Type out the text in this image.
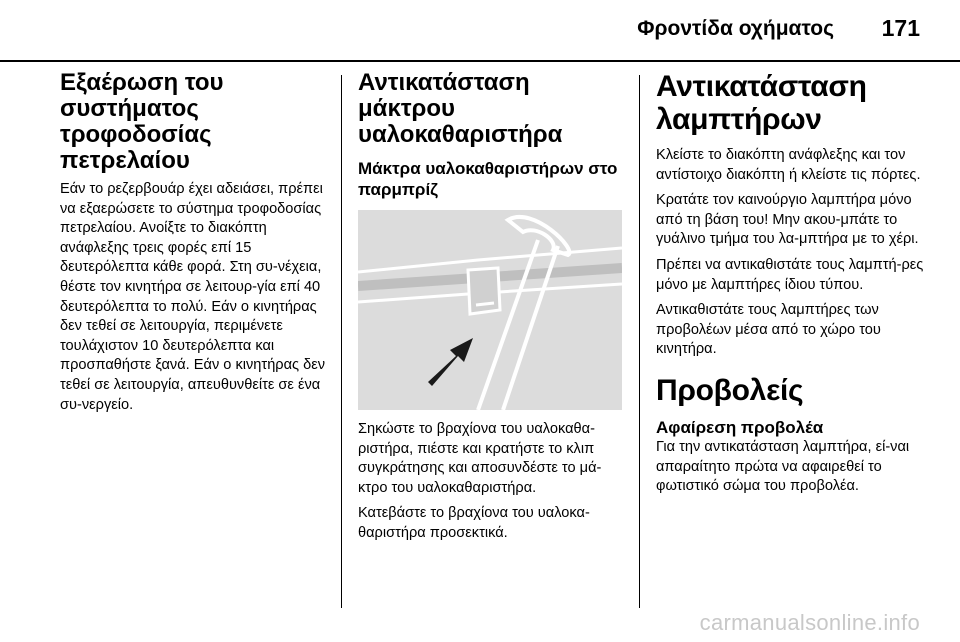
Φροντίδα οχήματος 171
Εξαέρωση του συστήματος τροφοδοσίας πετρελαίου

Εάν το ρεζερβουάρ έχει αδειάσει, πρέπει να εξαερώσετε το σύστημα τροφοδοσίας πετρελαίου. Ανοίξτε το διακόπτη ανάφλεξης τρεις φορές επί 15 δευτερόλεπτα κάθε φορά. Στη συ-νέχεια, θέστε τον κινητήρα σε λειτουρ-γία επί 40 δευτερόλεπτα το πολύ. Εάν ο κινητήρας δεν τεθεί σε λειτουργία, περιμένετε τουλάχιστον 10 δευτερόλεπτα και προσπαθήστε ξανά. Εάν ο κινητήρας δεν τεθεί σε λειτουργία, απευθυνθείτε σε ένα συ-νεργείο.

Αντικατάσταση μάκτρου υαλοκαθαριστήρα
Μάκτρα υαλοκαθαριστήρων στο παρμπρίζ

Σηκώστε το βραχίονα του υαλοκαθα-ριστήρα, πιέστε και κρατήστε το κλιπ συγκράτησης και αποσυνδέστε το μά-κτρο του υαλοκαθαριστήρα.

Κατεβάστε το βραχίονα του υαλοκα-θαριστήρα προσεκτικά.

Αντικατάσταση λαμπτήρων

Κλείστε το διακόπτη ανάφλεξης και τον αντίστοιχο διακόπτη ή κλείστε τις πόρτες.

Κρατάτε τον καινούργιο λαμπτήρα μόνο από τη βάση του! Μην ακου-μπάτε το γυάλινο τμήμα του λα-μπτήρα με το χέρι.

Πρέπει να αντικαθιστάτε τους λαμπτή-ρες μόνο με λαμπτήρες ίδιου τύπου.

Αντικαθιστάτε τους λαμπτήρες των προβολέων μέσα από το χώρο του κινητήρα.

Προβολείς
Αφαίρεση προβολέα

Για την αντικατάσταση λαμπτήρα, εί-ναι απαραίτητο πρώτα να αφαιρεθεί το φωτιστικό σώμα του προβολέα.

carmanualsonline.info
